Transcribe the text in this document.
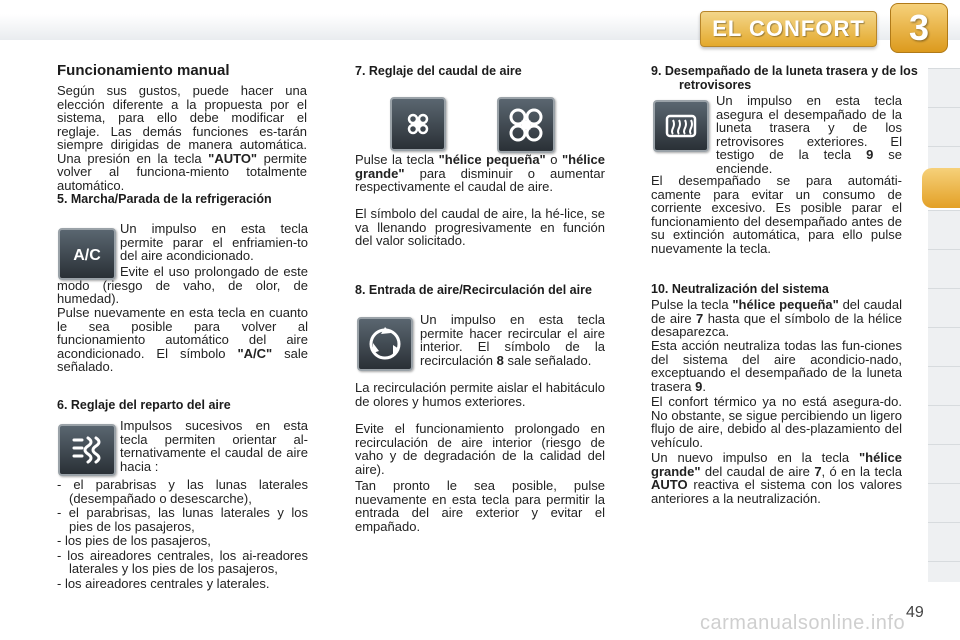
EL CONFORT	3
Funcionamiento manual
Según sus gustos, puede hacer una elección diferente a la propuesta por el sistema, para ello debe modificar el reglaje. Las demás funciones es-tarán siempre dirigidas de manera automática. Una presión en la tecla "AUTO" permite volver al funciona-miento totalmente automático.
5. Marcha/Parada de la refrigeración
A/C
Un impulso en esta tecla permite parar el enfriamien-to del aire acondicionado.
Evite el uso prolongado de este modo (riesgo de vaho, de olor, de humedad).
Pulse nuevamente en esta tecla en cuanto le sea posible para volver al funcionamiento automático del aire acondicionado. El símbolo "A/C" sale señalado.
6. Reglaje del reparto del aire
Impulsos sucesivos en esta tecla permiten orientar al-ternativamente el caudal de aire hacia :
- el parabrisas y las lunas laterales (desempañado o desescarche),
- el parabrisas, las lunas laterales y los pies de los pasajeros,
- los pies de los pasajeros,
- los aireadores centrales, los ai-readores laterales y los pies de los pasajeros,
- los aireadores centrales y laterales.
7. Reglaje del caudal de aire
Pulse la tecla "hélice pequeña" o "hélice grande" para disminuir o aumentar respectivamente el caudal de aire.
El símbolo del caudal de aire, la hé-lice, se va llenando progresivamente en función del valor solicitado.
8. Entrada de aire/Recirculación del aire
Un impulso en esta tecla permite hacer recircular el aire interior. El símbolo de la recirculación 8 sale señalado.
La recirculación permite aislar el habitáculo de olores y humos exteriores.
Evite el funcionamiento prolongado en recirculación de aire interior (riesgo de vaho y de degradación de la calidad del aire).
Tan pronto le sea posible, pulse nuevamente en esta tecla para permitir la entrada del aire exterior y evitar el empañado.
9. Desempañado de la luneta trasera y de los retrovisores
Un impulso en esta tecla asegura el desempañado de la luneta trasera y de los retrovisores exteriores. El testigo de la tecla 9 se enciende.
El desempañado se para automáti-camente para evitar un consumo de corriente excesivo. Es posible parar el funcionamiento del desempañado antes de su extinción automática, para ello pulse nuevamente la tecla.
10. Neutralización del sistema
Pulse la tecla "hélice pequeña" del caudal de aire 7 hasta que el símbolo de la hélice desaparezca.
Esta acción neutraliza todas las fun-ciones del sistema del aire acondicio-nado, exceptuando el desempañado de la luneta trasera 9.
El confort térmico ya no está asegura-do. No obstante, se sigue percibiendo un ligero flujo de aire, debido al des-plazamiento del vehículo.
Un nuevo impulso en la tecla "hélice grande" del caudal de aire 7, ó en la tecla AUTO reactiva el sistema con los valores anteriores a la neutralización.
carmanualsonline.info 49
